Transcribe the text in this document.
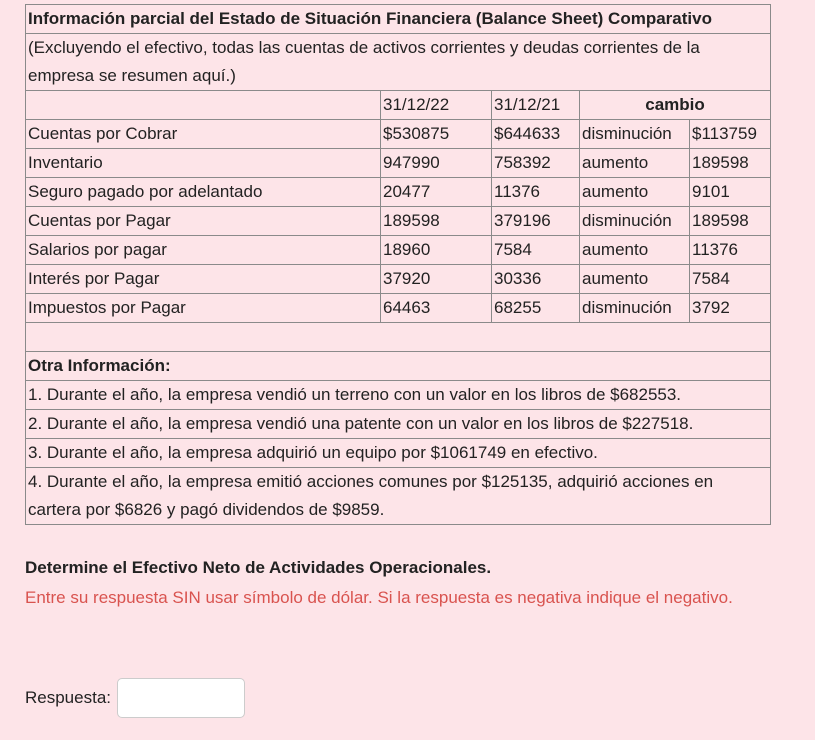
Información parcial del Estado de Situación Financiera (Balance Sheet) Comparativo				
(Excluyendo el efectivo, todas las cuentas de activos corrientes y deudas corrientes de la empresa se resumen aquí.)				
	31/12/22	31/12/21	cambio	
Cuentas por Cobrar	$530875	$644633	disminución	$113759
Inventario	947990	758392	aumento	189598
Seguro pagado por adelantado	20477	11376	aumento	9101
Cuentas por Pagar	189598	379196	disminución	189598
Salarios por pagar	18960	7584	aumento	11376
Interés por Pagar	37920	30336	aumento	7584
Impuestos por Pagar	64463	68255	disminución	3792

Otra Información:				
1. Durante el año, la empresa vendió un terreno con un valor en los libros de $682553.				
2. Durante el año, la empresa vendió una patente con un valor en los libros de $227518.				
3. Durante el año, la empresa adquirió un equipo por $1061749 en efectivo.				
4. Durante el año, la empresa emitió acciones comunes por $125135, adquirió acciones en cartera por $6826 y pagó dividendos de $9859.				
Determine el Efectivo Neto de Actividades Operacionales.
Entre su respuesta SIN usar símbolo de dólar. Si la respuesta es negativa indique el negativo.
Respuesta:
